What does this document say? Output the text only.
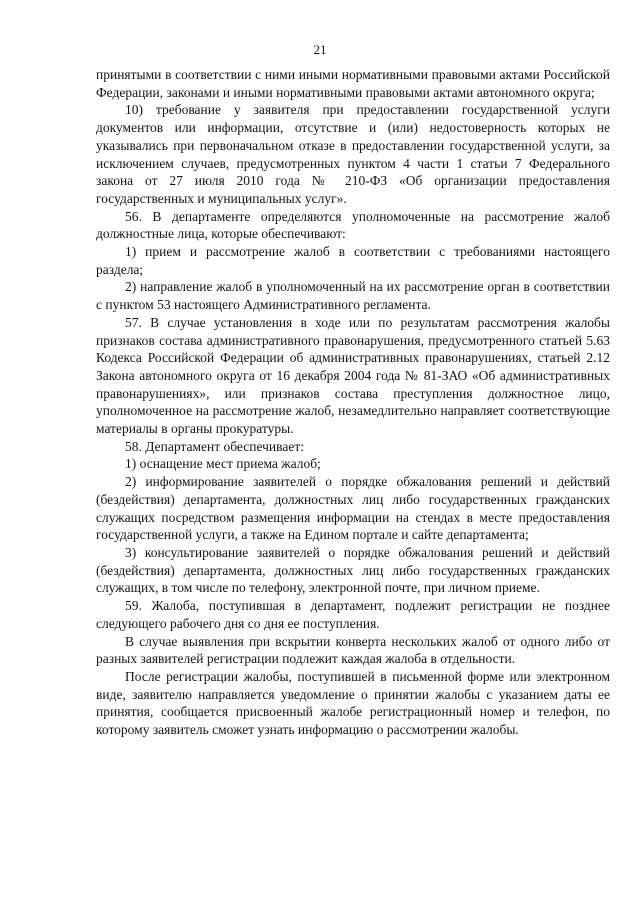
21

принятыми в соответствии с ними иными нормативными правовыми актами Российской Федерации, законами и иными нормативными правовыми актами автономного округа;

10) требование у заявителя при предоставлении государственной услуги документов или информации, отсутствие и (или) недостоверность которых не указывались при первоначальном отказе в предоставлении государственной услуги, за исключением случаев, предусмотренных пунктом 4 части 1 статьи 7 Федерального закона от 27 июля 2010 года № 210-ФЗ «Об организации предоставления государственных и муниципальных услуг».

56. В департаменте определяются уполномоченные на рассмотрение жалоб должностные лица, которые обеспечивают:

1) прием и рассмотрение жалоб в соответствии с требованиями настоящего раздела;

2) направление жалоб в уполномоченный на их рассмотрение орган в соответствии с пунктом 53 настоящего Административного регламента.

57. В случае установления в ходе или по результатам рассмотрения жалобы признаков состава административного правонарушения, предусмотренного статьей 5.63 Кодекса Российской Федерации об административных правонарушениях, статьей 2.12 Закона автономного округа от 16 декабря 2004 года № 81-ЗАО «Об административных правонарушениях», или признаков состава преступления должностное лицо, уполномоченное на рассмотрение жалоб, незамедлительно направляет соответствующие материалы в органы прокуратуры.

58. Департамент обеспечивает:

1) оснащение мест приема жалоб;

2) информирование заявителей о порядке обжалования решений и действий (бездействия) департамента, должностных лиц либо государственных гражданских служащих посредством размещения информации на стендах в месте предоставления государственной услуги, а также на Едином портале и сайте департамента;

3) консультирование заявителей о порядке обжалования решений и действий (бездействия) департамента, должностных лиц либо государственных гражданских служащих, в том числе по телефону, электронной почте, при личном приеме.

59. Жалоба, поступившая в департамент, подлежит регистрации не позднее следующего рабочего дня со дня ее поступления.

В случае выявления при вскрытии конверта нескольких жалоб от одного либо от разных заявителей регистрации подлежит каждая жалоба в отдельности.

После регистрации жалобы, поступившей в письменной форме или электронном виде, заявителю направляется уведомление о принятии жалобы с указанием даты ее принятия, сообщается присвоенный жалобе регистрационный номер и телефон, по которому заявитель сможет узнать информацию о рассмотрении жалобы.
